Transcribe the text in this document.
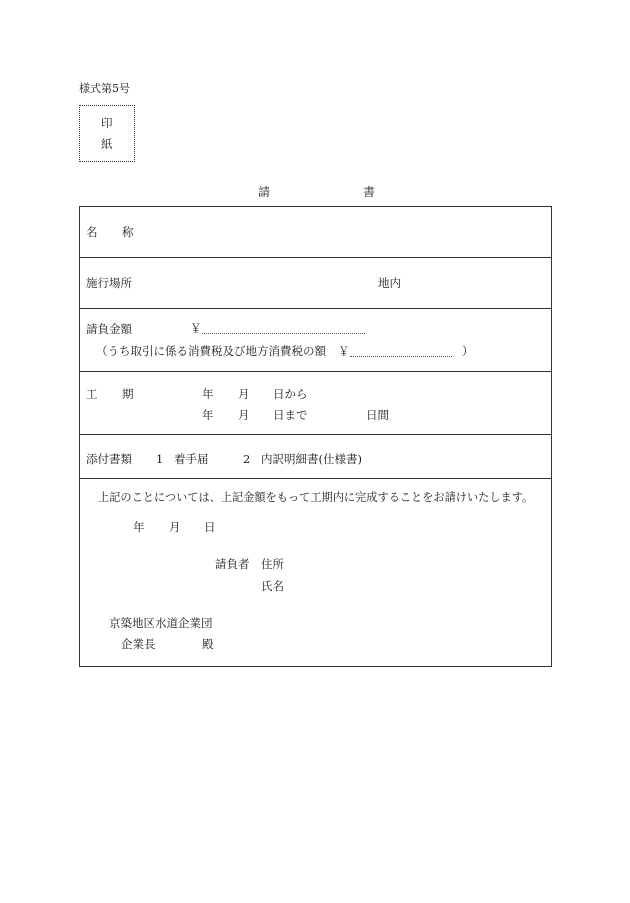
様式第5号
印
紙
請	書
名 称
施行場所	地内
請負金額	￥
（うち取引に係る消費税及び地方消費税の額 ￥	）
工 期	年 月 日から
年 月 日まで	日間
添付書類 1 着手届	2 内訳明細書(仕様書)
上記のことについては、上記金額をもって工期内に完成することをお請けいたします。
年 月 日
請負者 住所
氏名
京築地区水道企業団
企業長	殿
